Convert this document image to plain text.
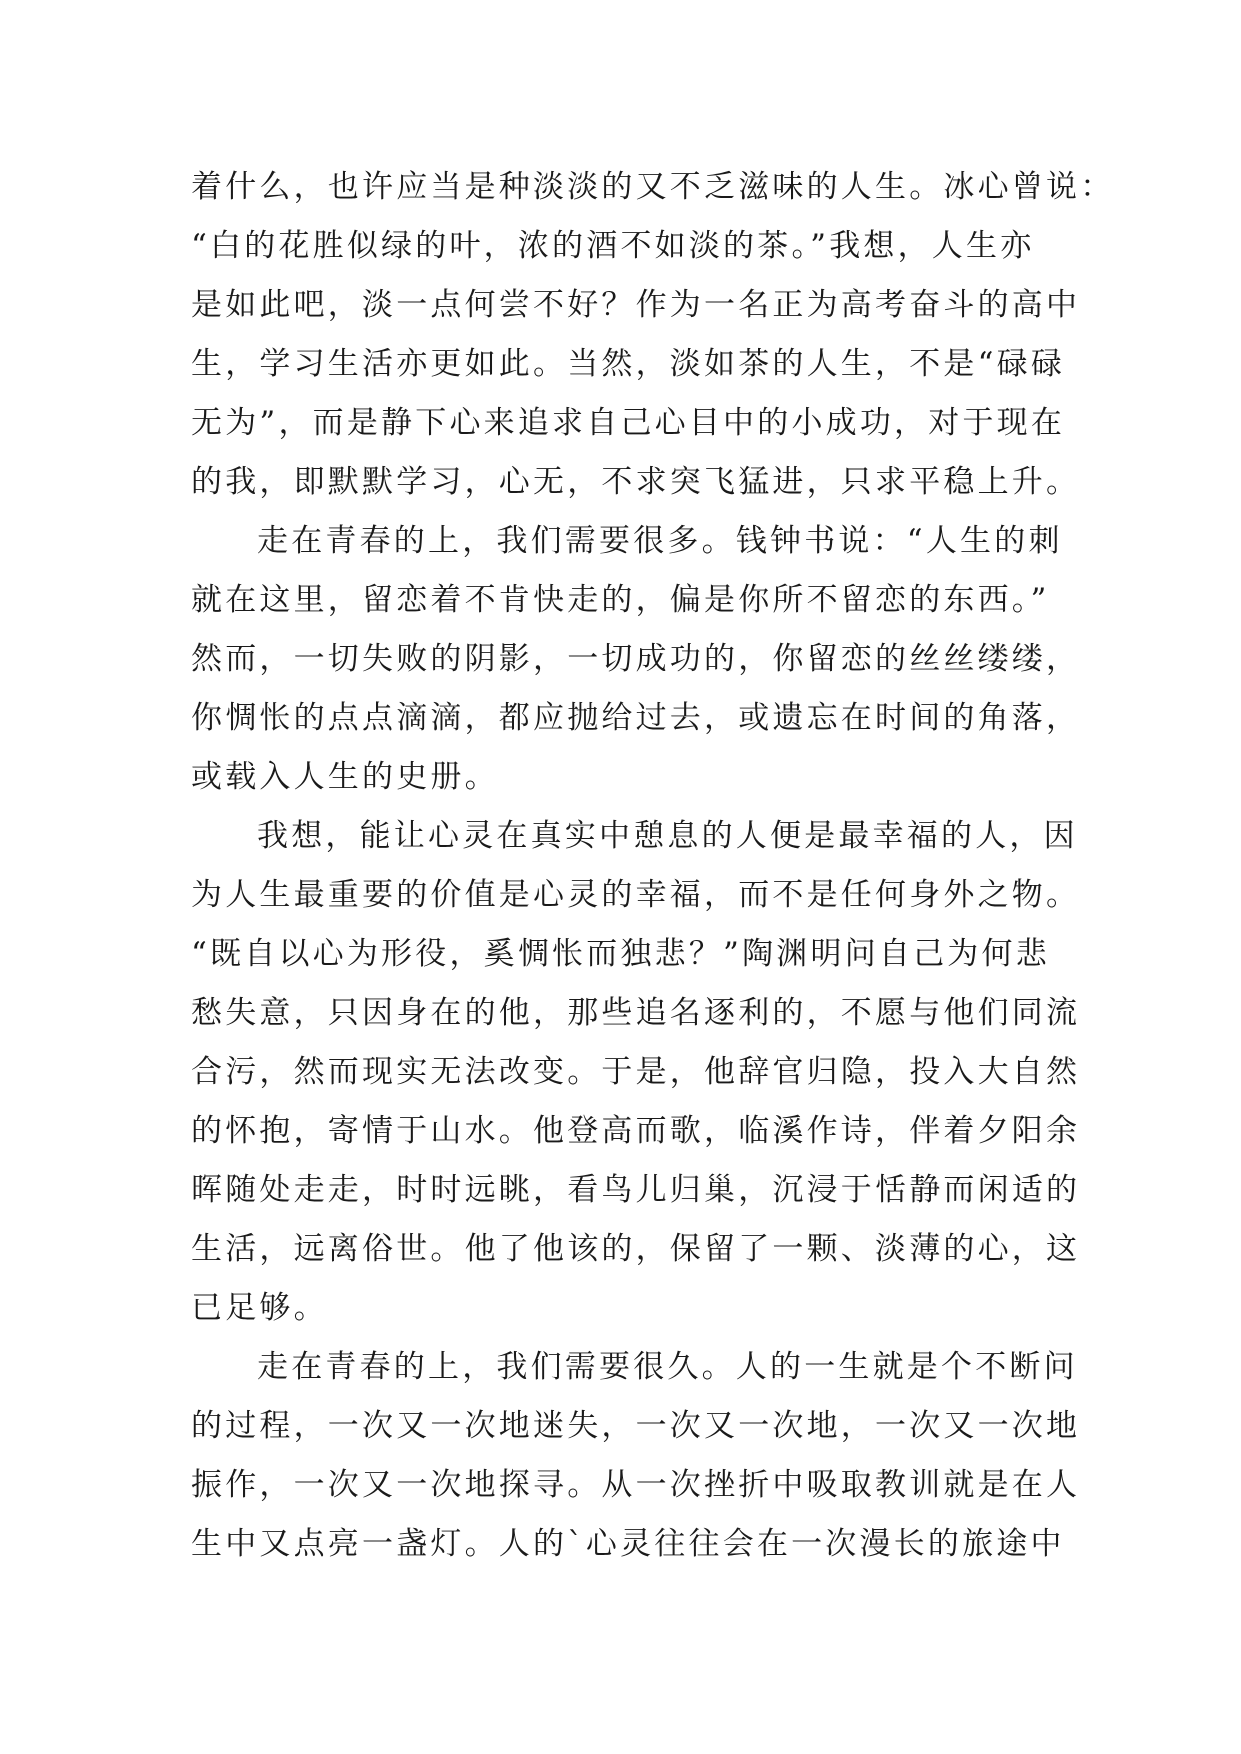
着什么，也许应当是种淡淡的又不乏滋味的人生。冰心曾说：
“白的花胜似绿的叶，浓的酒不如淡的茶。”我想，人生亦
是如此吧，淡一点何尝不好？作为一名正为高考奋斗的高中
生，学习生活亦更如此。当然，淡如茶的人生，不是“碌碌
无为”，而是静下心来追求自己心目中的小成功，对于现在
的我，即默默学习，心无，不求突飞猛进，只求平稳上升。
走在青春的上，我们需要很多。钱钟书说：“人生的刺
就在这里，留恋着不肯快走的，偏是你所不留恋的东西。”
然而，一切失败的阴影，一切成功的，你留恋的丝丝缕缕，
你惆怅的点点滴滴，都应抛给过去，或遗忘在时间的角落，
或载入人生的史册。
我想，能让心灵在真实中憩息的人便是最幸福的人，因
为人生最重要的价值是心灵的幸福，而不是任何身外之物。
“既自以心为形役，奚惆怅而独悲？”陶渊明问自己为何悲
愁失意，只因身在的他，那些追名逐利的，不愿与他们同流
合污，然而现实无法改变。于是，他辞官归隐，投入大自然
的怀抱，寄情于山水。他登高而歌，临溪作诗，伴着夕阳余
晖随处走走，时时远眺，看鸟儿归巢，沉浸于恬静而闲适的
生活，远离俗世。他了他该的，保留了一颗、淡薄的心，这
已足够。
走在青春的上，我们需要很久。人的一生就是个不断问
的过程，一次又一次地迷失，一次又一次地，一次又一次地
振作，一次又一次地探寻。从一次挫折中吸取教训就是在人
生中又点亮一盏灯。人的`心灵往往会在一次漫长的旅途中
